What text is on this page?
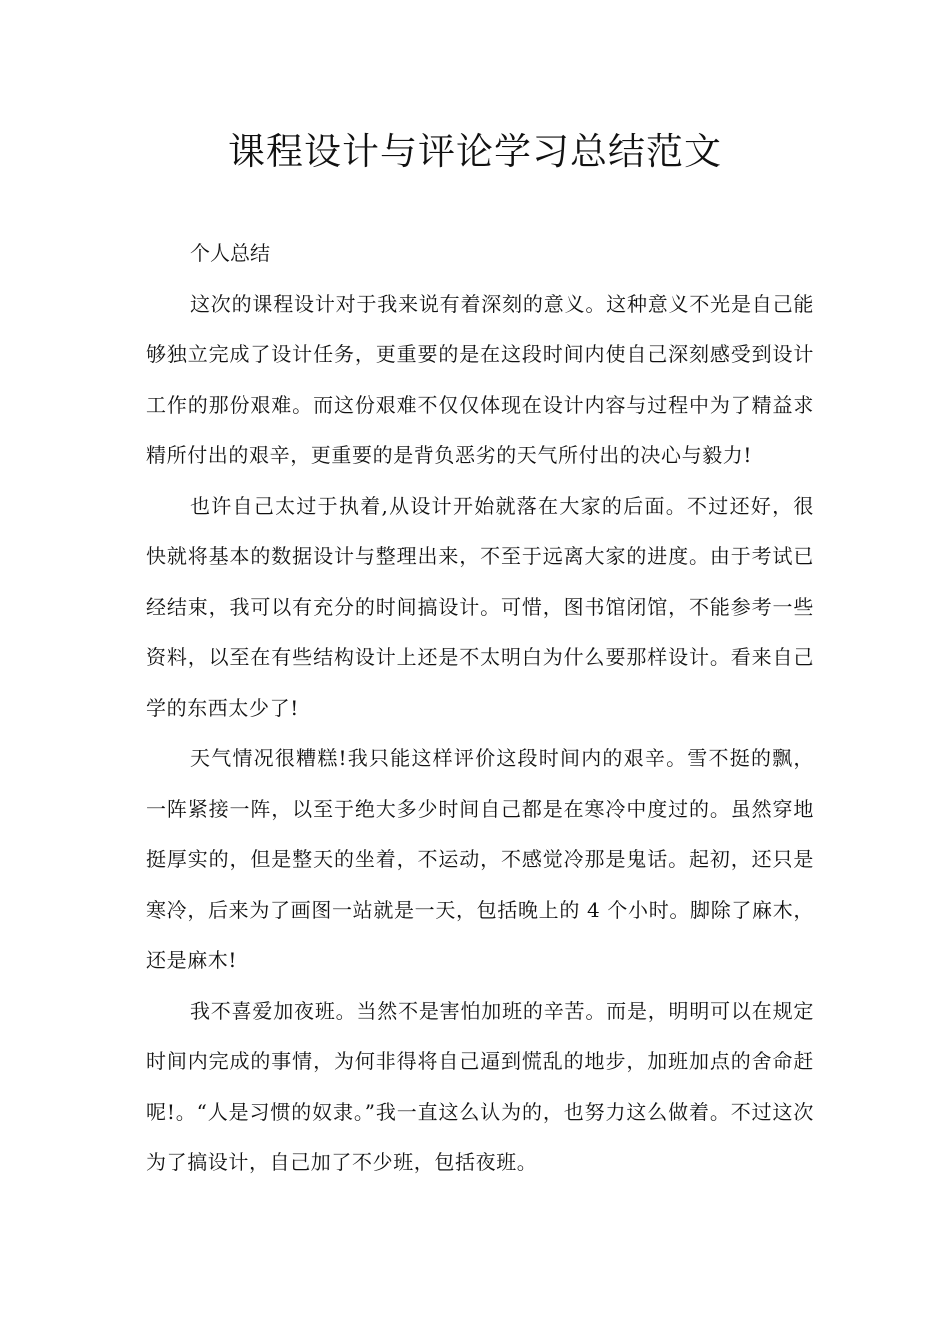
课程设计与评论学习总结范文

个人总结

这次的课程设计对于我来说有着深刻的意义。这种意义不光是自己能够独立完成了设计任务，更重要的是在这段时间内使自己深刻感受到设计工作的那份艰难。而这份艰难不仅仅体现在设计内容与过程中为了精益求精所付出的艰辛，更重要的是背负恶劣的天气所付出的决心与毅力!

也许自己太过于执着,从设计开始就落在大家的后面。不过还好，很快就将基本的数据设计与整理出来，不至于远离大家的进度。由于考试已经结束，我可以有充分的时间搞设计。可惜，图书馆闭馆，不能参考一些资料，以至在有些结构设计上还是不太明白为什么要那样设计。看来自己学的东西太少了!

天气情况很糟糕!我只能这样评价这段时间内的艰辛。雪不挺的飘，一阵紧接一阵，以至于绝大多少时间自己都是在寒冷中度过的。虽然穿地挺厚实的，但是整天的坐着，不运动，不感觉冷那是鬼话。起初，还只是寒冷，后来为了画图一站就是一天，包括晚上的 4 个小时。脚除了麻木，还是麻木!

我不喜爱加夜班。当然不是害怕加班的辛苦。而是，明明可以在规定时间内完成的事情，为何非得将自己逼到慌乱的地步，加班加点的舍命赶呢!。“人是习惯的奴隶。”我一直这么认为的，也努力这么做着。不过这次为了搞设计，自己加了不少班，包括夜班。
